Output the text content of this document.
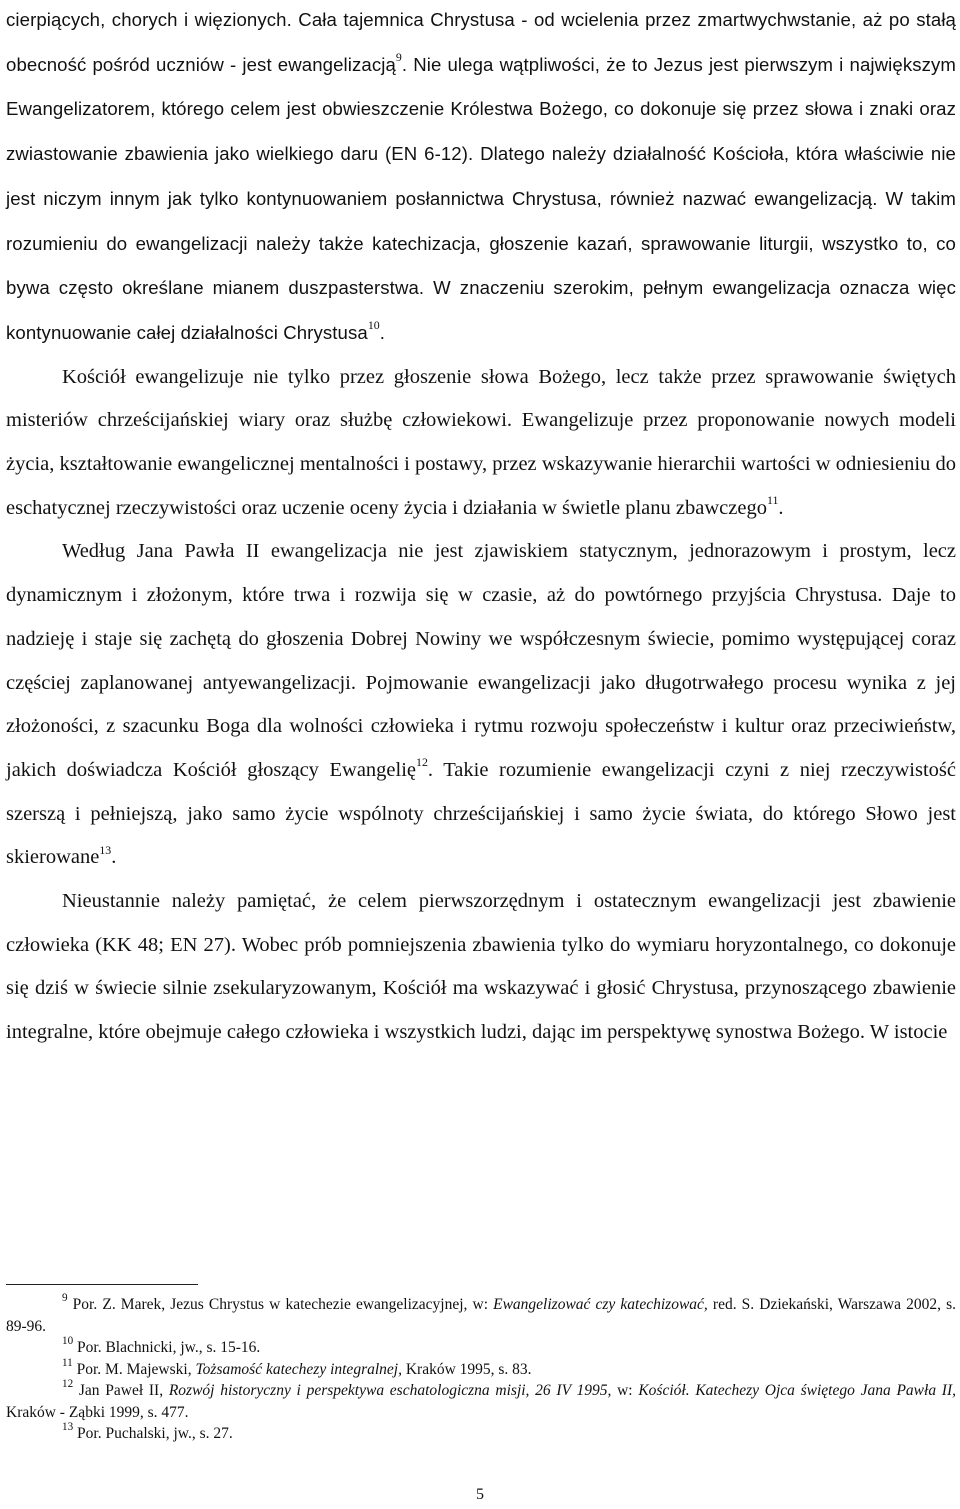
cierpiących, chorych i więzionych. Cała tajemnica Chrystusa - od wcielenia przez zmartwychwstanie, aż po stałą obecność pośród uczniów - jest ewangelizacją$^9$. Nie ulega wątpliwości, że to Jezus jest pierwszym i największym Ewangelizatorem, którego celem jest obwieszczenie Królestwa Bożego, co dokonuje się przez słowa i znaki oraz zwiastowanie zbawienia jako wielkiego daru (EN 6-12). Dlatego należy działalność Kościoła, która właściwie nie jest niczym innym jak tylko kontynuowaniem posłannictwa Chrystusa, również nazwać ewangelizacją. W takim rozumieniu do ewangelizacji należy także katechizacja, głoszenie kazań, sprawowanie liturgii, wszystko to, co bywa często określane mianem duszpasterstwa. W znaczeniu szerokim, pełnym ewangelizacja oznacza więc kontynuowanie całej działalności Chrystusa$^{10}$.

Kościół ewangelizuje nie tylko przez głoszenie słowa Bożego, lecz także przez sprawowanie świętych misteriów chrześcijańskiej wiary oraz służbę człowiekowi. Ewangelizuje przez proponowanie nowych modeli życia, kształtowanie ewangelicznej mentalności i postawy, przez wskazywanie hierarchii wartości w odniesieniu do eschatycznej rzeczywistości oraz uczenie oceny życia i działania w świetle planu zbawczego$^{11}$.

Według Jana Pawła II ewangelizacja nie jest zjawiskiem statycznym, jednorazowym i prostym, lecz dynamicznym i złożonym, które trwa i rozwija się w czasie, aż do powtórnego przyjścia Chrystusa. Daje to nadzieję i staje się zachętą do głoszenia Dobrej Nowiny we współczesnym świecie, pomimo występującej coraz częściej zaplanowanej antyewangelizacji. Pojmowanie ewangelizacji jako długotrwałego procesu wynika z jej złożoności, z szacunku Boga dla wolności człowieka i rytmu rozwoju społeczeństw i kultur oraz przeciwieństw, jakich doświadcza Kościół głoszący Ewangelię$^{12}$. Takie rozumienie ewangelizacji czyni z niej rzeczywistość szerszą i pełniejszą, jako samo życie wspólnoty chrześcijańskiej i samo życie świata, do którego Słowo jest skierowane$^{13}$.

Nieustannie należy pamiętać, że celem pierwszorzędnym i ostatecznym ewangelizacji jest zbawienie człowieka (KK 48; EN 27). Wobec prób pomniejszenia zbawienia tylko do wymiaru horyzontalnego, co dokonuje się dziś w świecie silnie zsekularyzowanym, Kościół ma wskazywać i głosić Chrystusa, przynoszącego zbawienie integralne, które obejmuje całego człowieka i wszystkich ludzi, dając im perspektywę synostwa Bożego. W istocie

$^9$ Por. Z. Marek, Jezus Chrystus w katechezie ewangelizacyjnej, w: Ewangelizować czy katechizować, red. S. Dziekański, Warszawa 2002, s. 89-96.

$^{10}$ Por. Blachnicki, jw., s. 15-16.

$^{11}$ Por. M. Majewski, Tożsamość katechezy integralnej, Kraków 1995, s. 83.

$^{12}$ Jan Paweł II, Rozwój historyczny i perspektywa eschatologiczna misji, 26 IV 1995, w: Kościół. Katechezy Ojca świętego Jana Pawła II, Kraków - Ząbki 1999, s. 477.

$^{13}$ Por. Puchalski, jw., s. 27.

5
